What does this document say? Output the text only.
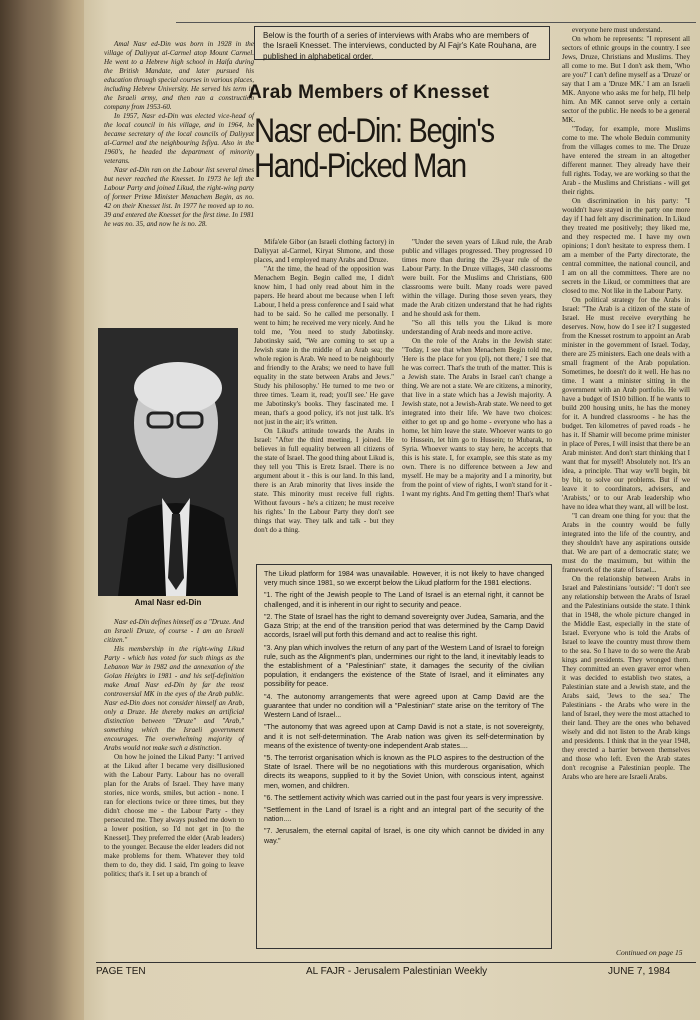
Below is the fourth of a series of interviews with Arabs who are members of the Israeli Knesset. The interviews, conducted by Al Fajr's Kate Rouhana, are published in alphabetical order.

Amal Nasr ed-Din was born in 1928 in the village of Daliyyat al-Carmel atop Mount Carmel. He went to a Hebrew high school in Haifa during the British Mandate, and later pursued his education through special courses in various places, including Hebrew University. He served his term in the Israeli army, and then ran a construction company from 1953-60.

In 1957, Nasr ed-Din was elected vice-head of the local council in his village, and in 1964, he became secretary of the local councils of Daliyyat al-Carmel and the neighbouring Isfiya. Also in the 1960's, he headed the department of minority veterans.

Nasr ed-Din ran on the Labour list several times but never reached the Knesset. In 1973 he left the Labour Party and joined Likud, the right-wing party of former Prime Minister Menachem Begin, as no. 42 on their Knesset list. In 1977 he moved up to no. 39 and entered the Knesset for the first time. In 1981 he was no. 35, and now he is no. 28.

Arab Members of Knesset
Nasr ed-Din: Begin's Hand-Picked Man
Amal Nasr ed-Din

Nasr ed-Din defines himself as a "Druze. And an Israeli Druze, of course - I am an Israeli citizen."

His membership in the right-wing Likud Party - which has voted for such things as the Lebanon War in 1982 and the annexation of the Golan Heights in 1981 - and his self-definition make Amal Nasr ed-Din by far the most controversial MK in the eyes of the Arab public. Nasr ed-Din does not consider himself an Arab, only a Druze. He thereby makes an artificial distinction between "Druze" and "Arab," something which the Israeli government encourages. The overwhelming majority of Arabs would not make such a distinction.

On how he joined the Likud Party: "I arrived at the Likud after I became very disillusioned with the Labour Party. Labour has no overall plan for the Arabs of Israel. They have many stories, nice words, smiles, but action - none. I ran for elections twice or three times, but they didn't choose me - the Labour Party - they persecuted me. They always pushed me down to a lower position, so I'd not get in [to the Knesset]. They preferred the elder (Arab leaders) to the younger. Because the elder leaders did not make problems for them. Whatever they told them to do, they did. I said, I'm going to leave politics; that's it. I set up a branch of

Mifa'ele Gibor (an Israeli clothing factory) in Daliyyat al-Carmel, Kiryat Shmone, and those places, and I employed many Arabs and Druze.

"At the time, the head of the opposition was Menachem Begin. Begin called me, I didn't know him, I had only read about him in the papers. He heard about me because when I left Labour, I held a press conference and I said what had to be said. So he called me personally. I went to him; he received me very nicely. And he told me, 'You need to study Jabotinsky. Jabotinsky said, "We are coming to set up a Jewish state in the middle of an Arab sea; the whole region is Arab. We need to be neighbourly and friendly to the Arabs; we need to have full equality in the state between Arabs and Jews." Study his philosophy.' He turned to me two or three times. 'Learn it, read; you'll see.' He gave me Jabotinsky's books. They fascinated me. I mean, that's a good policy, it's not just talk. It's not just in the air; it's written.

On Likud's attitude towards the Arabs in Israel: "After the third meeting, I joined. He believes in full equality between all citizens of the state of Israel. The good thing about Likud is, they tell you 'This is Eretz Israel. There is no argument about it - this is our land. In this land, there is an Arab minority that lives inside the state. This minority must receive full rights. Without favours - he's a citizen; he must receive his rights.' In the Labour Party they don't see things that way. They talk and talk - but they don't do a thing.

"Under the seven years of Likud rule, the Arab public and villages progressed. They progressed 10 times more than during the 29-year rule of the Labour Party. In the Druze villages, 340 classrooms were built. For the Muslims and Christians, 600 classrooms were built. Many roads were paved within the village. During those seven years, they made the Arab citizen understand that he had rights and he should ask for them.

"So all this tells you the Likud is more understanding of Arab needs and more active.

On the role of the Arabs in the Jewish state: "Today, I see that when Menachem Begin told me, 'Here is the place for you (pl), not there,' I see that he was correct. That's the truth of the matter. This is a Jewish state. The Arabs in Israel can't change a thing. We are not a state. We are citizens, a minority, that live in a state which has a Jewish majority. A Jewish state, not a Jewish-Arab state. We need to get integrated into their life. We have two choices: either to get up and go home - everyone who has a home, let him leave the state. Whoever wants to go to Hussein, let him go to Hussein; to Mubarak, to Syria. Whoever wants to stay here, he accepts that this is his state. I, for example, see this state as my own. There is no difference between a Jew and myself. He may be a majority and I a minority, but from the point of view of rights, I won't stand for it - I want my rights. And I'm getting them! That's what

everyone here must understand.

On whom he represents: "I represent all sectors of ethnic groups in the country. I see Jews, Druze, Christians and Muslims. They all come to me. But I don't ask them, 'Who are you?' I can't define myself as a 'Druze' or say that I am a 'Druze MK.' I am an Israeli MK. Anyone who asks me for help, I'll help him. An MK cannot serve only a certain sector of the public. He needs to be a general MK.

"Today, for example, more Muslims come to me. The whole Beduin community from the villages comes to me. The Druze have entered the stream in an altogether different manner. They already have their full rights. Today, we are working so that the Arab - the Muslims and Christians - will get their rights.

On discrimination in his party: "I wouldn't have stayed in the party one more day if I had felt any discrimination. In Likud they treated me positively; they liked me, and they respected me. I have my own opinions; I don't hesitate to express them. I am a member of the Party directorate, the central committee, the national council, and I am on all the committees. There are no secrets in the Likud, or committees that are closed to me. Not like in the Labour Party.

On political strategy for the Arabs in Israel: "The Arab is a citizen of the state of Israel. He must receive everything he deserves. Now, how do I see it? I suggested from the Knesset rostrum to appoint an Arab minister in the government of Israel. Today, there are 25 ministers. Each one deals with a small fragment of the Arab population. Sometimes, he doesn't do it well. He has no time. I want a minister sitting in the government with an Arab portfolio. He will have a budget of IS10 billion. If he wants to build 200 housing units, he has the money for it. A hundred classrooms - he has the budget. Ten kilometres of paved roads - he has it. If Shamir will become prime minister in place of Peres, I will insist that there be an Arab minister. And don't start thinking that I want that for myself! Absolutely not. It's an idea, a principle. That way we'll begin, bit by bit, to solve our problems. But if we leave it to coordinators, advisers, and 'Arabists,' or to our Arab leadership who have no idea what they want, all will be lost.

"I can dream one thing for you: that the Arabs in the country would be fully integrated into the life of the country, and they shouldn't have any aspirations outside that. We are part of a democratic state; we must do the maximum, but within the framework of the state of Israel...

On the relationship between Arabs in Israel and Palestinians 'outside': "I don't see any relationship between the Arabs of Israel and the Palestinians outside the state. I think that in 1948, the whole picture changed in the Middle East, especially in the state of Israel. Everyone who is told the Arabs of Israel to leave the country must throw them to the sea. So I have to do so were the Arab kings and presidents. They wronged them. They committed an even graver error when it was decided to establish two states, a Palestinian state and a Jewish state, and the Arabs said, 'Jews to the sea.' The Palestinians - the Arabs who were in the land of Israel, they were the most attached to their land. They are the ones who behaved wisely and did not listen to the Arab kings and presidents. I think that in the year 1948, they erected a barrier between themselves and those who left. Even the Arab states don't recognise a Palestinian people. The Arabs who are here are Israeli Arabs.

The Likud platform for 1984 was unavailable. However, it is not likely to have changed very much since 1981, so we excerpt below the Likud platform for the 1981 elections.

"1. The right of the Jewish people to The Land of Israel is an eternal right, it cannot be challenged, and it is inherent in our right to security and peace.

"2. The State of Israel has the right to demand sovereignty over Judea, Samaria, and the Gaza Strip; at the end of the transition period that was determined by the Camp David accords, Israel will put forth this demand and act to realise this right.

"3. Any plan which involves the return of any part of the Western Land of Israel to foreign rule, such as the Alignment's plan, undermines our right to the land, it inevitably leads to the establishment of a "Palestinian" state, it damages the security of the civilian population, it endangers the existence of the State of Israel, and it eliminates any possibility for peace.

"4. The autonomy arrangements that were agreed upon at Camp David are the guarantee that under no condition will a "Palestinian" state arise on the territory of The Western Land of Israel...

"The autonomy that was agreed upon at Camp David is not a state, is not sovereignty, and it is not self-determination. The Arab nation was given its self-determination by means of the existence of twenty-one independent Arab states....

"5. The terrorist organisation which is known as the PLO aspires to the destruction of the State of Israel. There will be no negotiations with this murderous organisation, which directs its weapons, supplied to it by the Soviet Union, with conscious intent, against men, women, and children.

"6. The settlement activity which was carried out in the past four years is very impressive.

"Settlement in the Land of Israel is a right and an integral part of the security of the nation....

"7. Jerusalem, the eternal capital of Israel, is one city which cannot be divided in any way."

Continued on page 15
PAGE TEN	AL FAJR - Jerusalem Palestinian Weekly	JUNE 7, 1984
